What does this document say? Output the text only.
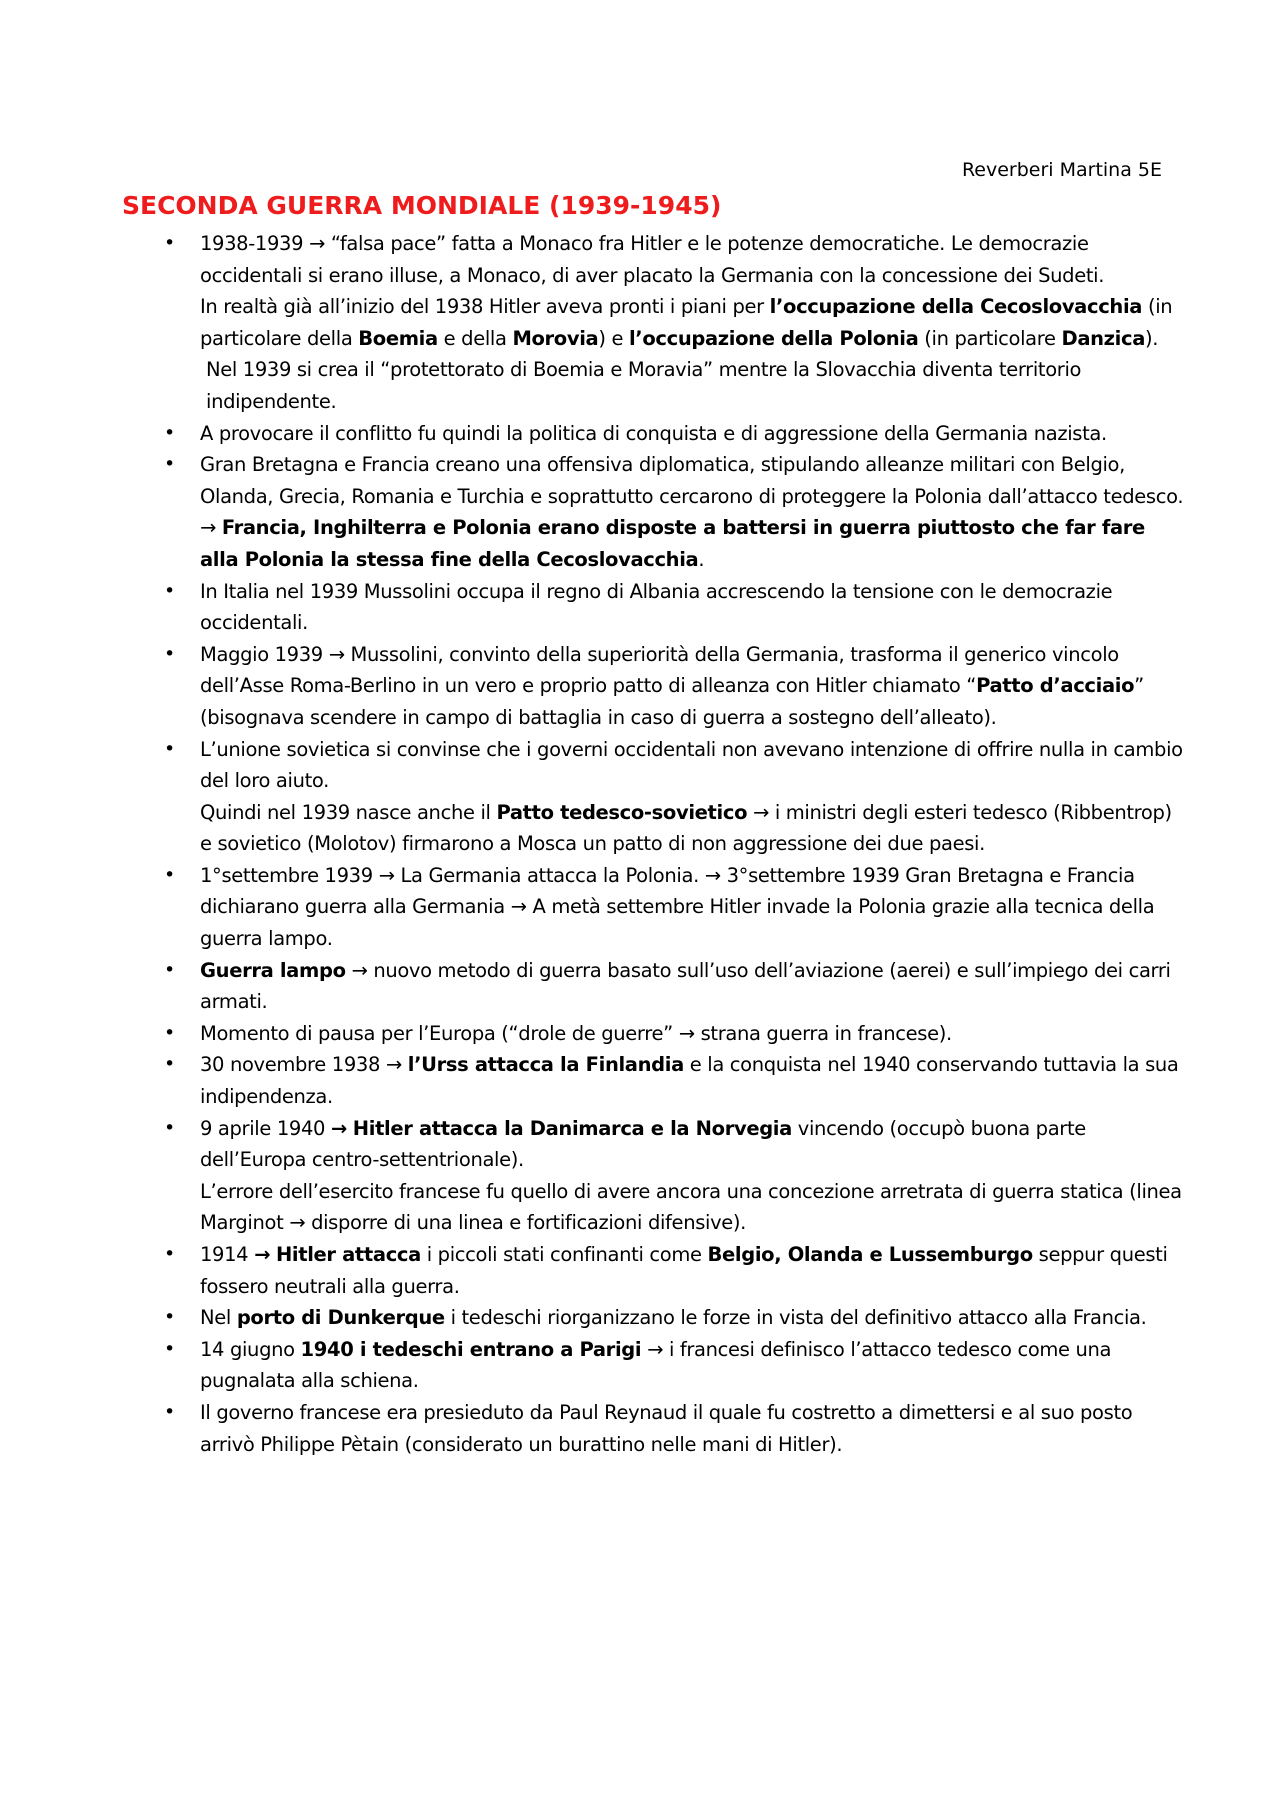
Reverberi Martina 5E
SECONDA GUERRA MONDIALE (1939-1945)
• 1938-1939 → “falsa pace” fatta a Monaco fra Hitler e le potenze democratiche. Le democrazie occidentali si erano illuse, a Monaco, di aver placato la Germania con la concessione dei Sudeti.

In realtà già all’inizio del 1938 Hitler aveva pronti i piani per l’occupazione della Cecoslovacchia (in particolare della Boemia e della Morovia) e l’occupazione della Polonia (in particolare Danzica).

Nel 1939 si crea il “protettorato di Boemia e Moravia” mentre la Slovacchia diventa territorio indipendente.

• A provocare il conflitto fu quindi la politica di conquista e di aggressione della Germania nazista.

• Gran Bretagna e Francia creano una offensiva diplomatica, stipulando alleanze militari con Belgio, Olanda, Grecia, Romania e Turchia e soprattutto cercarono di proteggere la Polonia dall’attacco tedesco. → Francia, Inghilterra e Polonia erano disposte a battersi in guerra piuttosto che far fare alla Polonia la stessa fine della Cecoslovacchia.

• In Italia nel 1939 Mussolini occupa il regno di Albania accrescendo la tensione con le democrazie occidentali.

• Maggio 1939 → Mussolini, convinto della superiorità della Germania, trasforma il generico vincolo dell’Asse Roma-Berlino in un vero e proprio patto di alleanza con Hitler chiamato “Patto d’acciaio” (bisognava scendere in campo di battaglia in caso di guerra a sostegno dell’alleato).

• L’unione sovietica si convinse che i governi occidentali non avevano intenzione di offrire nulla in cambio del loro aiuto.

Quindi nel 1939 nasce anche il Patto tedesco-sovietico → i ministri degli esteri tedesco (Ribbentrop) e sovietico (Molotov) firmarono a Mosca un patto di non aggressione dei due paesi.

• 1°settembre 1939 → La Germania attacca la Polonia. → 3°settembre 1939 Gran Bretagna e Francia dichiarano guerra alla Germania → A metà settembre Hitler invade la Polonia grazie alla tecnica della guerra lampo.

• Guerra lampo → nuovo metodo di guerra basato sull’uso dell’aviazione (aerei) e sull’impiego dei carri armati.

• Momento di pausa per l’Europa (“drole de guerre” → strana guerra in francese).

• 30 novembre 1938 → l’Urss attacca la Finlandia e la conquista nel 1940 conservando tuttavia la sua indipendenza.

• 9 aprile 1940 → Hitler attacca la Danimarca e la Norvegia vincendo (occupò buona parte dell’Europa centro-settentrionale).

L’errore dell’esercito francese fu quello di avere ancora una concezione arretrata di guerra statica (linea Marginot → disporre di una linea e fortificazioni difensive).

• 1914 → Hitler attacca i piccoli stati confinanti come Belgio, Olanda e Lussemburgo seppur questi fossero neutrali alla guerra.

• Nel porto di Dunkerque i tedeschi riorganizzano le forze in vista del definitivo attacco alla Francia.

• 14 giugno 1940 i tedeschi entrano a Parigi → i francesi definisco l’attacco tedesco come una pugnalata alla schiena.

• Il governo francese era presieduto da Paul Reynaud il quale fu costretto a dimettersi e al suo posto arrivò Philippe Pètain (considerato un burattino nelle mani di Hitler).
